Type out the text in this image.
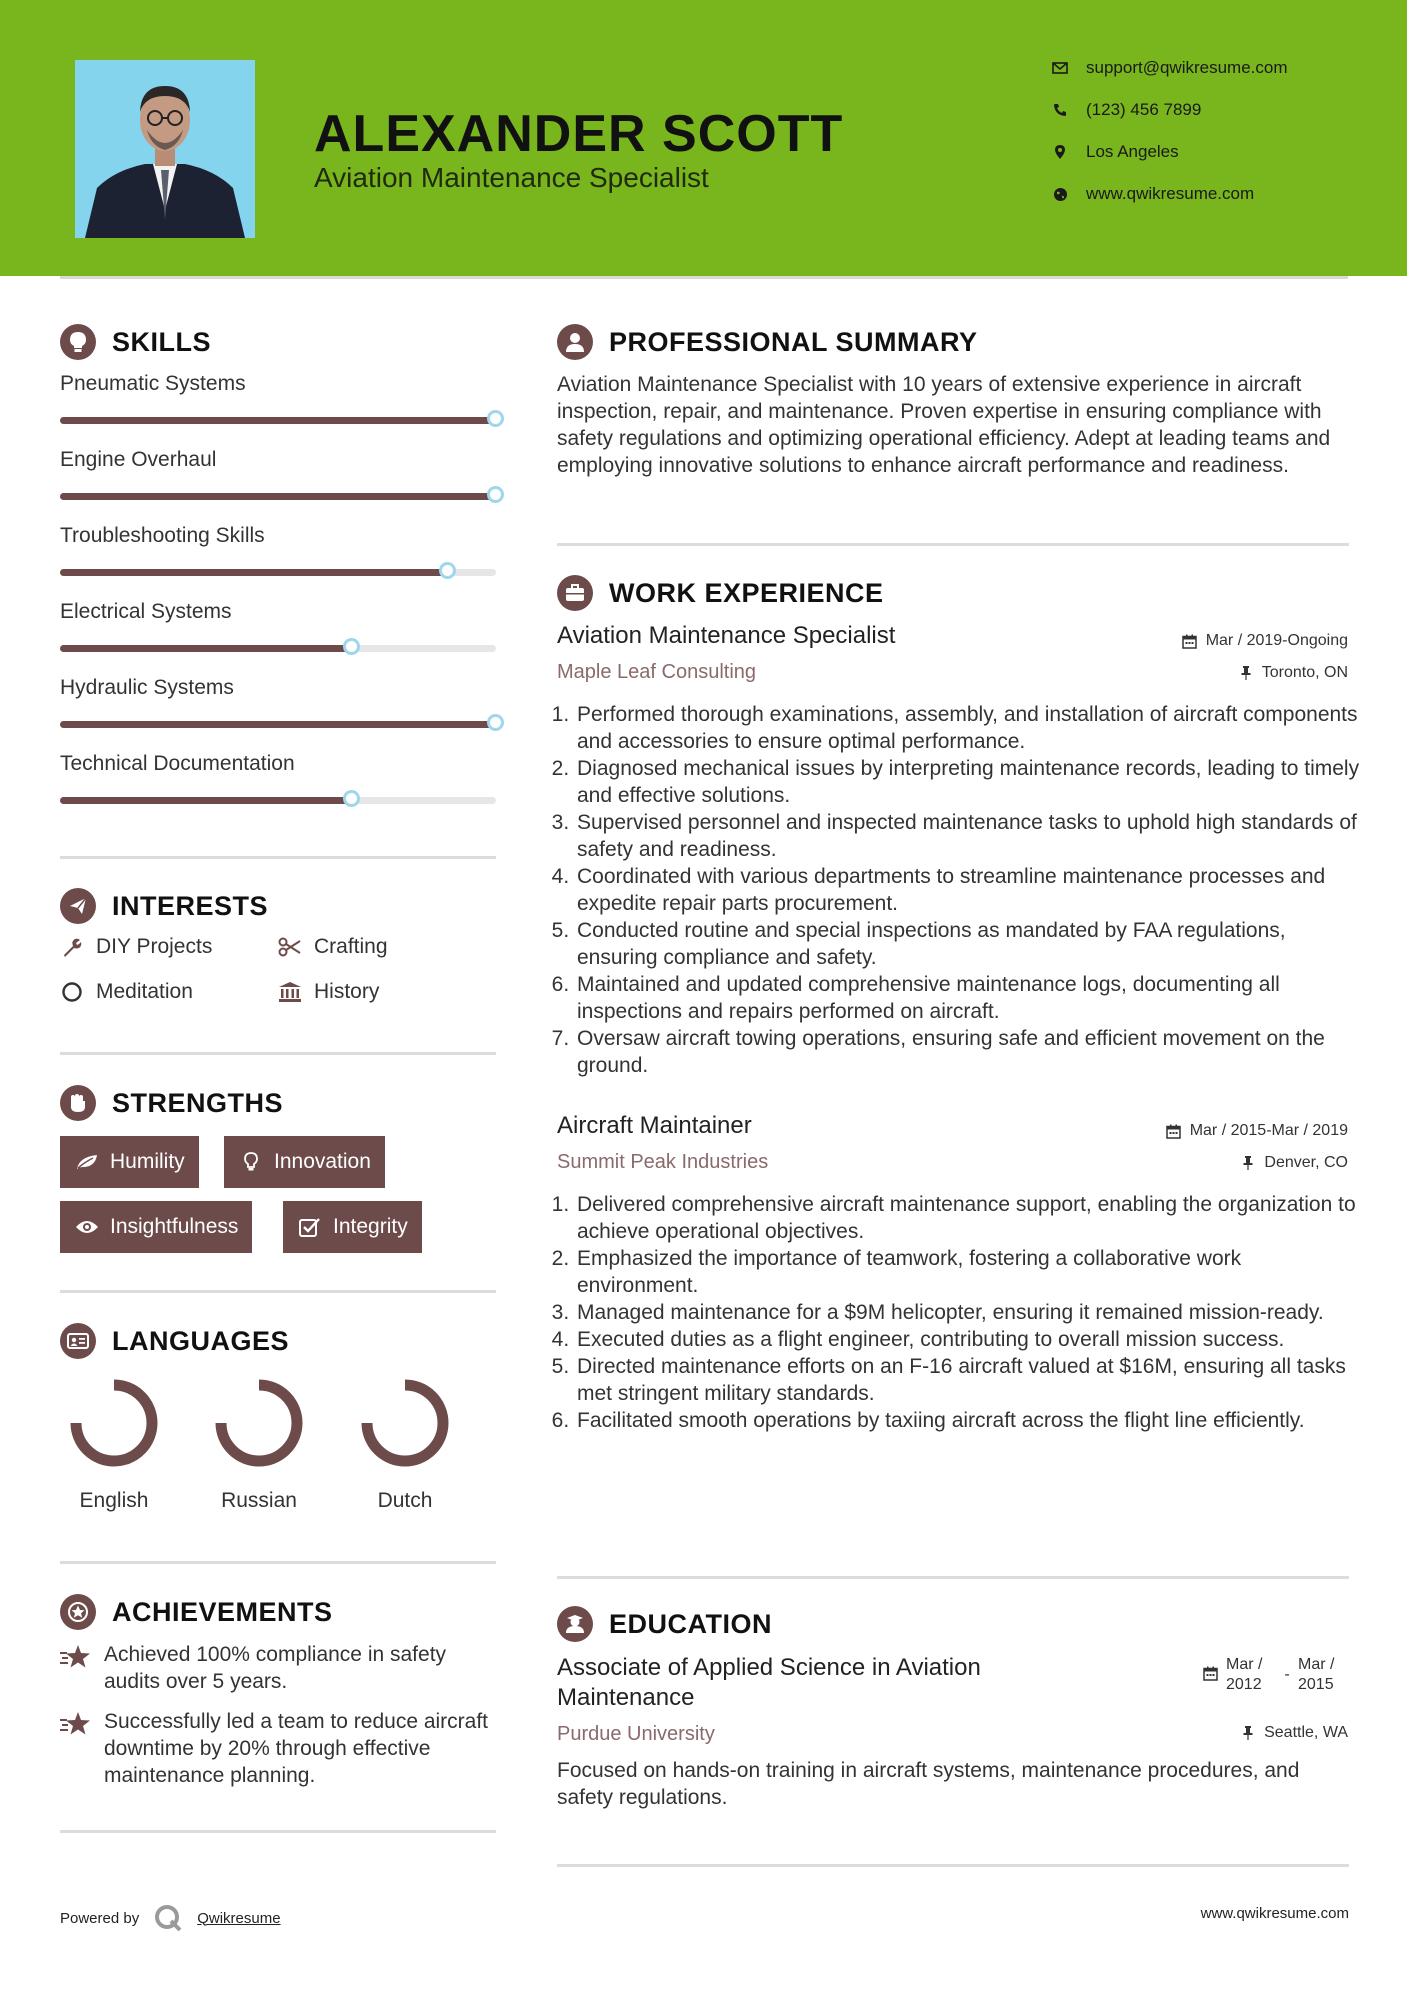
ALEXANDER SCOTT
Aviation Maintenance Specialist
support@qwikresume.com
(123) 456 7899
Los Angeles
www.qwikresume.com
SKILLS
Pneumatic Systems
Engine Overhaul
Troubleshooting Skills
Electrical Systems
Hydraulic Systems
Technical Documentation
INTERESTS
DIY Projects	Crafting
Meditation	History
STRENGTHS
Humility	Innovation
Insightfulness	Integrity
LANGUAGES
English	Russian	Dutch
ACHIEVEMENTS
Achieved 100% compliance in safety audits over 5 years.
Successfully led a team to reduce aircraft downtime by 20% through effective maintenance planning.
PROFESSIONAL SUMMARY
Aviation Maintenance Specialist with 10 years of extensive experience in aircraft inspection, repair, and maintenance. Proven expertise in ensuring compliance with safety regulations and optimizing operational efficiency. Adept at leading teams and employing innovative solutions to enhance aircraft performance and readiness.
WORK EXPERIENCE
Aviation Maintenance Specialist
Maple Leaf Consulting
Mar / 2019-Ongoing
Toronto, ON
1. Performed thorough examinations, assembly, and installation of aircraft components and accessories to ensure optimal performance.
2. Diagnosed mechanical issues by interpreting maintenance records, leading to timely and effective solutions.
3. Supervised personnel and inspected maintenance tasks to uphold high standards of safety and readiness.
4. Coordinated with various departments to streamline maintenance processes and expedite repair parts procurement.
5. Conducted routine and special inspections as mandated by FAA regulations, ensuring compliance and safety.
6. Maintained and updated comprehensive maintenance logs, documenting all inspections and repairs performed on aircraft.
7. Oversaw aircraft towing operations, ensuring safe and efficient movement on the ground.
Aircraft Maintainer
Summit Peak Industries
Mar / 2015-Mar / 2019
Denver, CO
1. Delivered comprehensive aircraft maintenance support, enabling the organization to achieve operational objectives.
2. Emphasized the importance of teamwork, fostering a collaborative work environment.
3. Managed maintenance for a $9M helicopter, ensuring it remained mission-ready.
4. Executed duties as a flight engineer, contributing to overall mission success.
5. Directed maintenance efforts on an F-16 aircraft valued at $16M, ensuring all tasks met stringent military standards.
6. Facilitated smooth operations by taxiing aircraft across the flight line efficiently.
EDUCATION
Associate of Applied Science in Aviation Maintenance
Purdue University
Mar / 2012
-
Mar / 2015
Seattle, WA
Focused on hands-on training in aircraft systems, maintenance procedures, and safety regulations.
Powered by	Qwikresume	www.qwikresume.com
